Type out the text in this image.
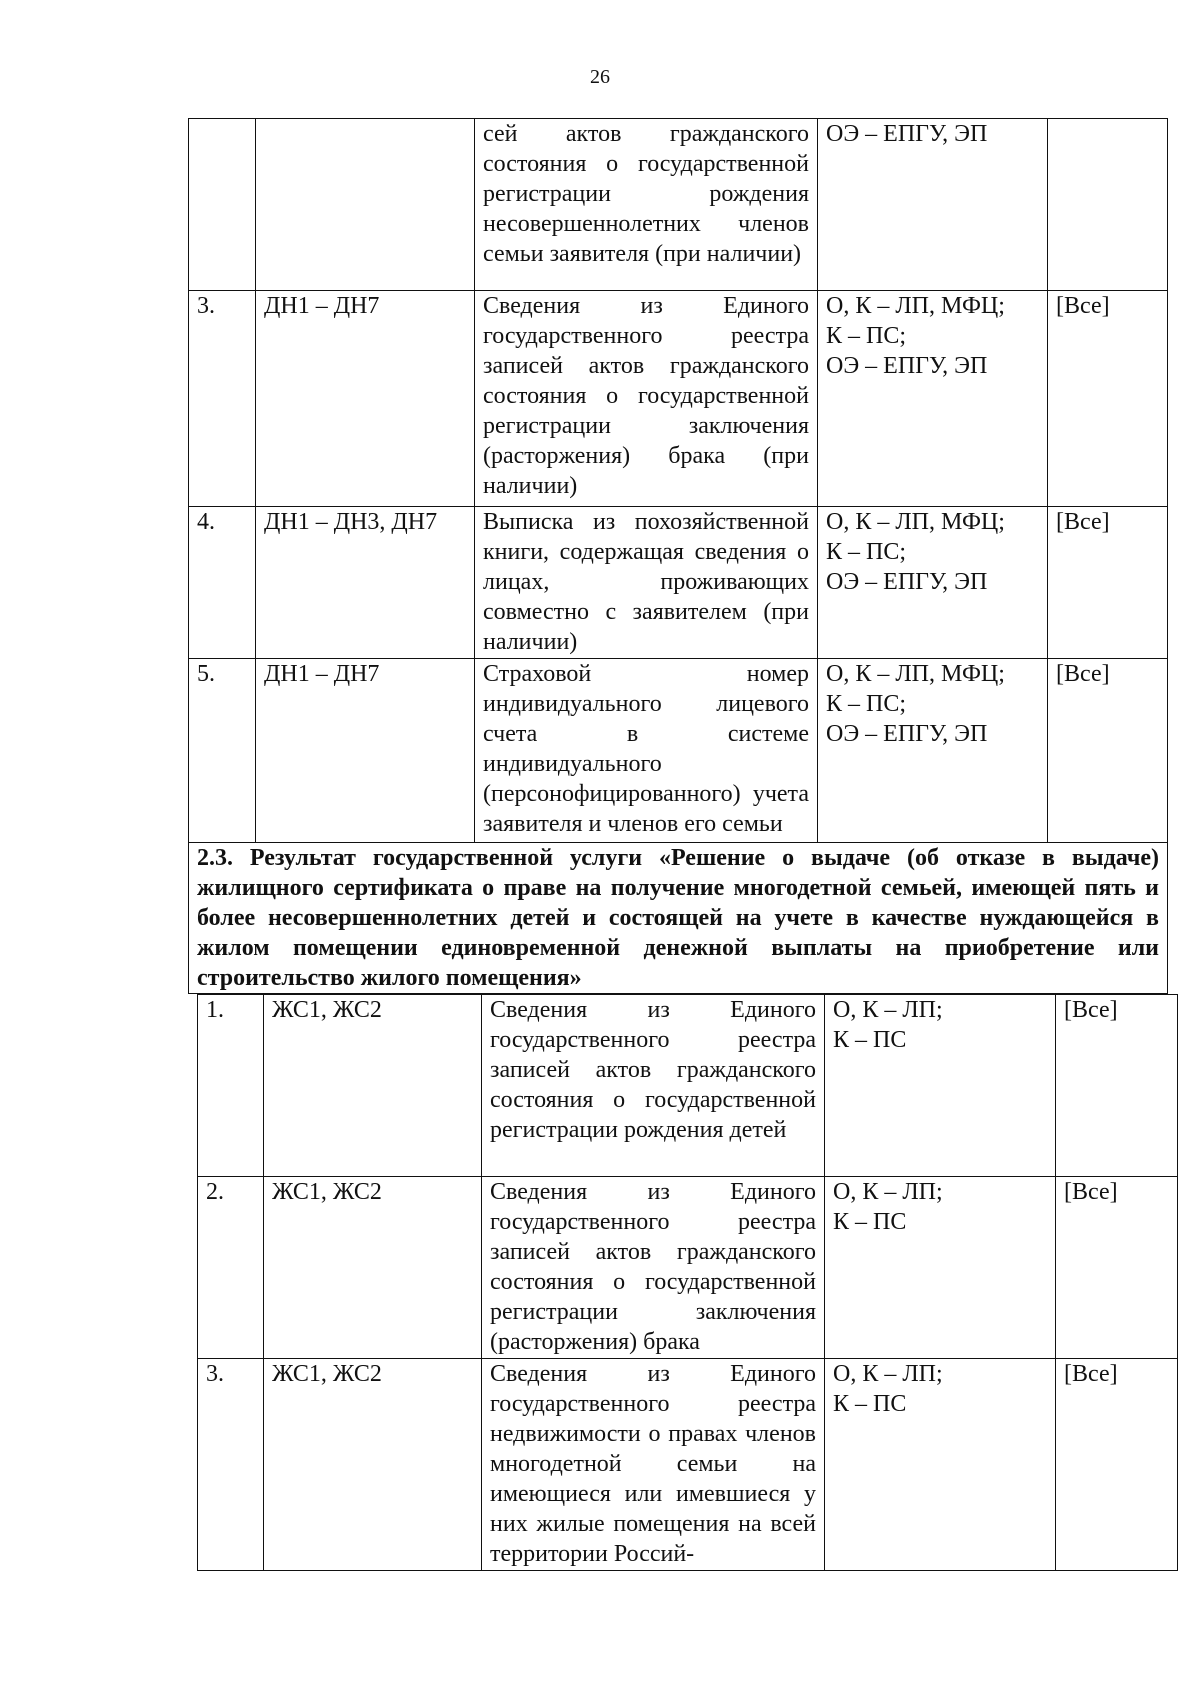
26
		сей актов гражданского состояния о государственной регистрации рождения несовершеннолетних членов семьи заявителя (при наличии)	ОЭ – ЕПГУ, ЭП	
3.	ДН1 – ДН7	Сведения из Единого государственного реестра записей актов гражданского состояния о государственной регистрации заключения (расторжения) брака (при наличии)	О, К – ЛП, МФЦ;
К – ПС;
ОЭ – ЕПГУ, ЭП	[Все]
4.	ДН1 – ДН3, ДН7	Выписка из похозяйственной книги, содержащая сведения о лицах, проживающих совместно с заявителем (при наличии)	О, К – ЛП, МФЦ;
К – ПС;
ОЭ – ЕПГУ, ЭП	[Все]
5.	ДН1 – ДН7	Страховой номер индивидуального лицевого счета в системе индивидуального (персонофицированного) учета заявителя и членов его семьи	О, К – ЛП, МФЦ;
К – ПС;
ОЭ – ЕПГУ, ЭП	[Все]
2.3. Результат государственной услуги «Решение о выдаче (об отказе в выдаче) жилищного сертификата о праве на получение многодетной семьей, имеющей пять и более несовершеннолетних детей и состоящей на учете в качестве нуждающейся в жилом помещении единовременной денежной выплаты на приобретение или строительство жилого помещения»				
1.	ЖС1, ЖС2	Сведения из Единого государственного реестра записей актов гражданского состояния о государственной регистрации рождения детей	О, К – ЛП;
К – ПС	[Все]
2.	ЖС1, ЖС2	Сведения из Единого государственного реестра записей актов гражданского состояния о государственной регистрации заключения (расторжения) брака	О, К – ЛП;
К – ПС	[Все]
3.	ЖС1, ЖС2	Сведения из Единого государственного реестра недвижимости о правах членов многодетной семьи на имеющиеся или имевшиеся у них жилые помещения на всей территории Россий-	О, К – ЛП;
К – ПС	[Все]
